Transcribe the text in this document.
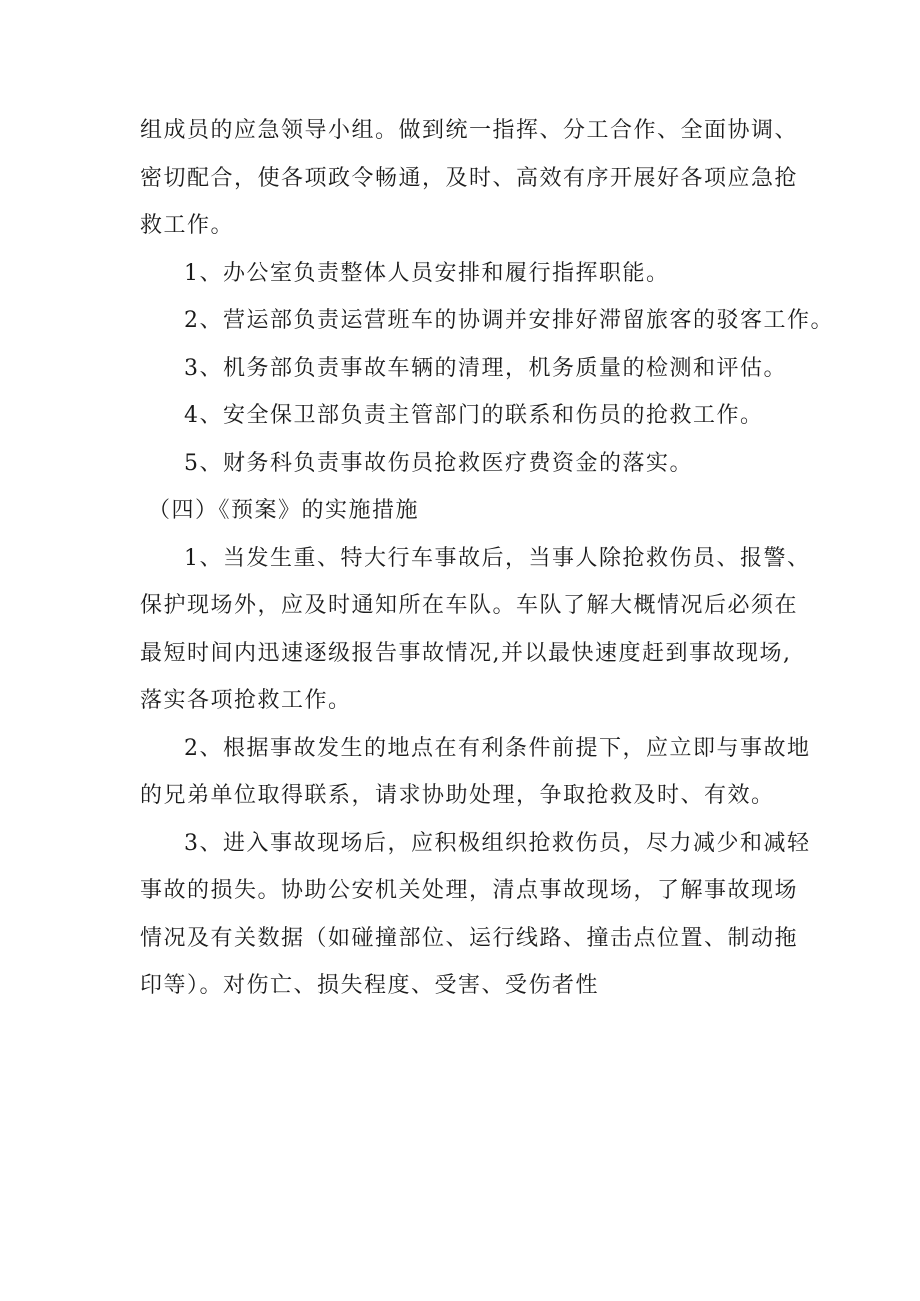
组成员的应急领导小组。做到统一指挥、分工合作、全面协调、
密切配合，使各项政令畅通，及时、高效有序开展好各项应急抢
救工作。
1、办公室负责整体人员安排和履行指挥职能。
2、营运部负责运营班车的协调并安排好滞留旅客的驳客工作。
3、机务部负责事故车辆的清理，机务质量的检测和评估。
4、安全保卫部负责主管部门的联系和伤员的抢救工作。
5、财务科负责事故伤员抢救医疗费资金的落实。
（四）《预案》的实施措施
1、当发生重、特大行车事故后，当事人除抢救伤员、报警、
保护现场外，应及时通知所在车队。车队了解大概情况后必须在
最短时间内迅速逐级报告事故情况,并以最快速度赶到事故现场,
落实各项抢救工作。
2、根据事故发生的地点在有利条件前提下，应立即与事故地
的兄弟单位取得联系，请求协助处理，争取抢救及时、有效。
3、进入事故现场后，应积极组织抢救伤员，尽力减少和减轻
事故的损失。协助公安机关处理，清点事故现场，了解事故现场
情况及有关数据（如碰撞部位、运行线路、撞击点位置、制动拖
印等）。对伤亡、损失程度、受害、受伤者性
